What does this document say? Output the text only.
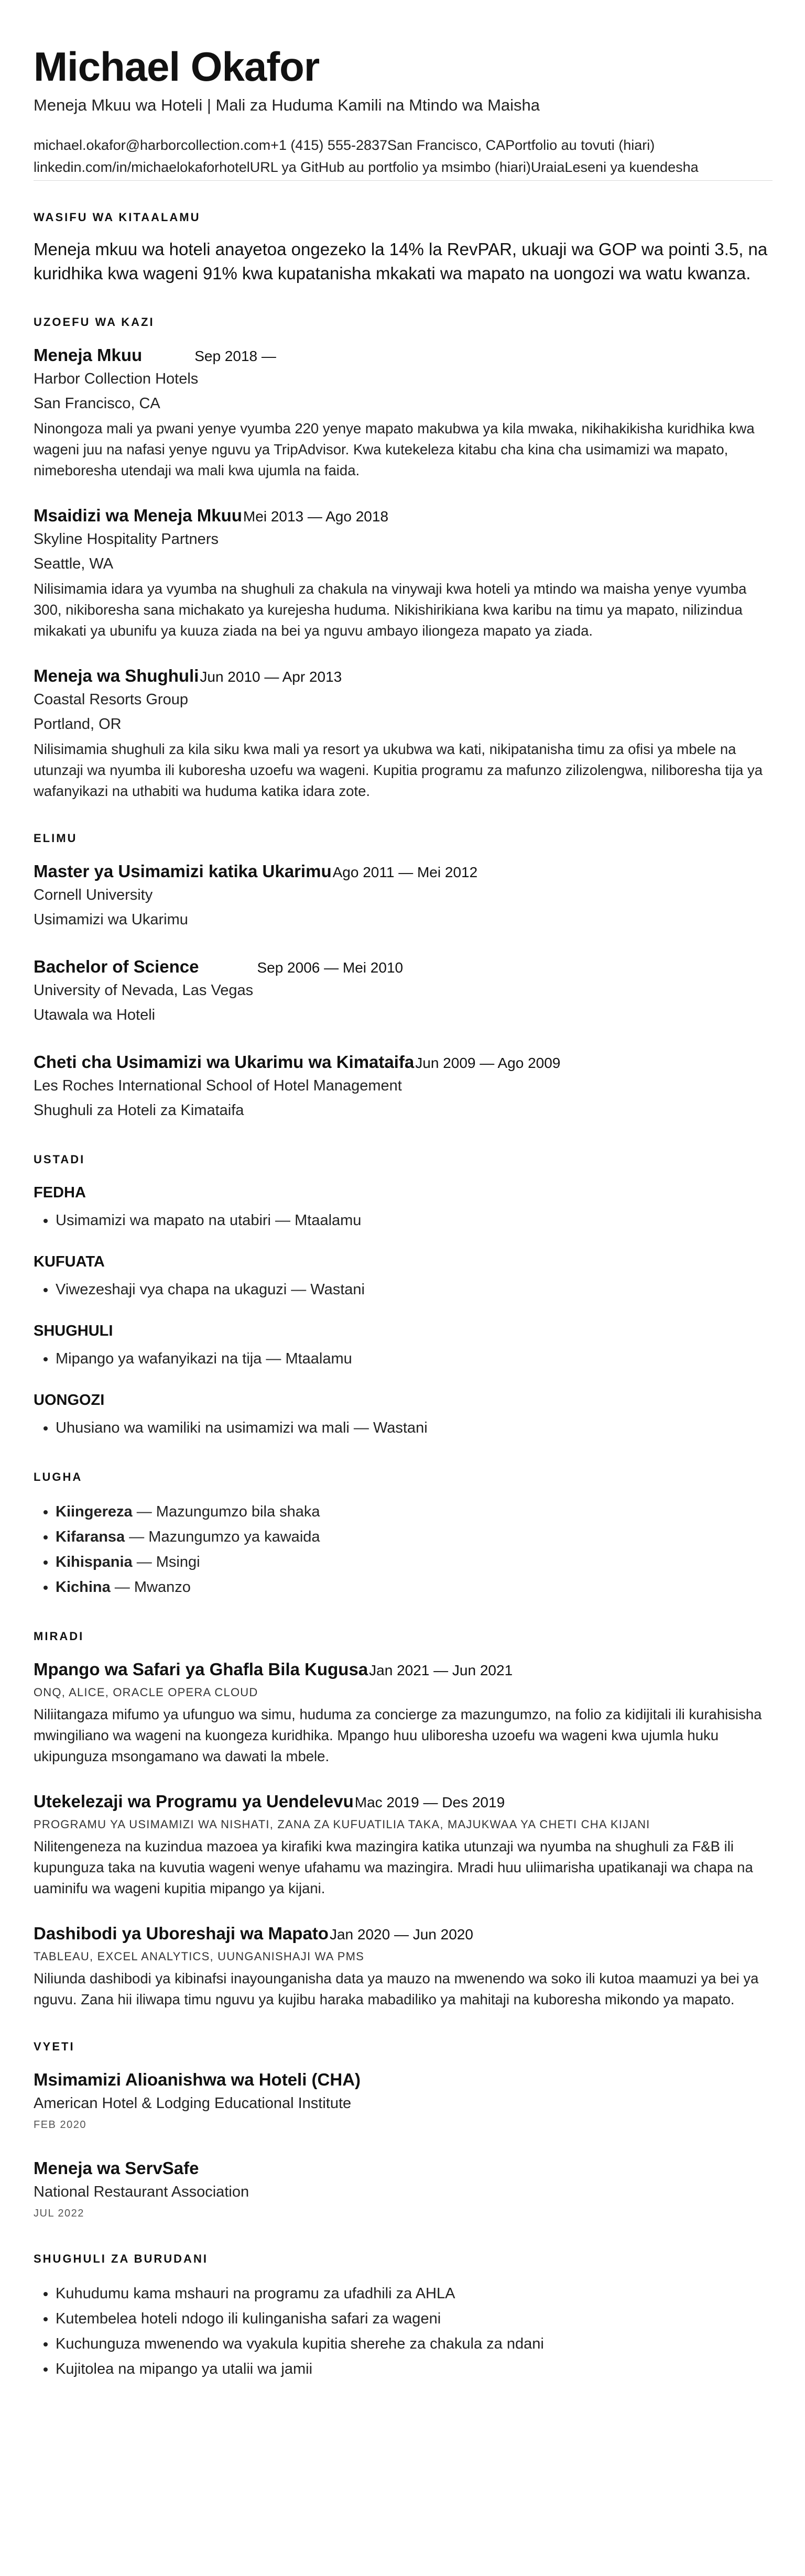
Michael Okafor
Meneja Mkuu wa Hoteli | Mali za Huduma Kamili na Mtindo wa Maisha
michael.okafor@harborcollection.com+1 (415) 555-2837San Francisco, CAPortfolio au tovuti (hiari)
linkedin.com/in/michaelokaforhotelURL ya GitHub au portfolio ya msimbo (hiari)UraiaLeseni ya kuendesha
WASIFU WA KITAALAMU
Meneja mkuu wa hoteli anayetoa ongezeko la 14% la RevPAR, ukuaji wa GOP wa pointi 3.5, na kuridhika kwa wageni 91% kwa kupatanisha mkakati wa mapato na uongozi wa watu kwanza.
UZOEFU WA KAZI
Meneja Mkuu	Sep 2018 —
Harbor Collection Hotels
San Francisco, CA
Ninongoza mali ya pwani yenye vyumba 220 yenye mapato makubwa ya kila mwaka, nikihakikisha kuridhika kwa wageni juu na nafasi yenye nguvu ya TripAdvisor. Kwa kutekeleza kitabu cha kina cha usimamizi wa mapato, nimeboresha utendaji wa mali kwa ujumla na faida.
Msaidizi wa Meneja Mkuu Mei 2013 — Ago 2018
Skyline Hospitality Partners
Seattle, WA
Nilisimamia idara ya vyumba na shughuli za chakula na vinywaji kwa hoteli ya mtindo wa maisha yenye vyumba 300, nikiboresha sana michakato ya kurejesha huduma. Nikishirikiana kwa karibu na timu ya mapato, nilizindua mikakati ya ubunifu ya kuuza ziada na bei ya nguvu ambayo iliongeza mapato ya ziada.
Meneja wa Shughuli Jun 2010 — Apr 2013
Coastal Resorts Group
Portland, OR
Nilisimamia shughuli za kila siku kwa mali ya resort ya ukubwa wa kati, nikipatanisha timu za ofisi ya mbele na utunzaji wa nyumba ili kuboresha uzoefu wa wageni. Kupitia programu za mafunzo zilizolengwa, niliboresha tija ya wafanyikazi na uthabiti wa huduma katika idara zote.
ELIMU
Master ya Usimamizi katika Ukarimu Ago 2011 — Mei 2012
Cornell University
Usimamizi wa Ukarimu
Bachelor of Science	Sep 2006 — Mei 2010
University of Nevada, Las Vegas
Utawala wa Hoteli
Cheti cha Usimamizi wa Ukarimu wa Kimataifa Jun 2009 — Ago 2009
Les Roches International School of Hotel Management
Shughuli za Hoteli za Kimataifa
USTADI
FEDHA
• Usimamizi wa mapato na utabiri — Mtaalamu
KUFUATA
• Viwezeshaji vya chapa na ukaguzi — Wastani
SHUGHULI
• Mipango ya wafanyikazi na tija — Mtaalamu
UONGOZI
• Uhusiano wa wamiliki na usimamizi wa mali — Wastani
LUGHA
• Kiingereza — Mazungumzo bila shaka
• Kifaransa — Mazungumzo ya kawaida
• Kihispania — Msingi
• Kichina — Mwanzo
MIRADI
Mpango wa Safari ya Ghafla Bila Kugusa Jan 2021 — Jun 2021
ONQ, ALICE, ORACLE OPERA CLOUD
Niliitangaza mifumo ya ufunguo wa simu, huduma za concierge za mazungumzo, na folio za kidijitali ili kurahisisha mwingiliano wa wageni na kuongeza kuridhika. Mpango huu uliboresha uzoefu wa wageni kwa ujumla huku ukipunguza msongamano wa dawati la mbele.
Utekelezaji wa Programu ya Uendelevu Mac 2019 — Des 2019
PROGRAMU YA USIMAMIZI WA NISHATI, ZANA ZA KUFUATILIA TAKA, MAJUKWAA YA CHETI CHA KIJANI
Nilitengeneza na kuzindua mazoea ya kirafiki kwa mazingira katika utunzaji wa nyumba na shughuli za F&B ili kupunguza taka na kuvutia wageni wenye ufahamu wa mazingira. Mradi huu uliimarisha upatikanaji wa chapa na uaminifu wa wageni kupitia mipango ya kijani.
Dashibodi ya Uboreshaji wa Mapato Jan 2020 — Jun 2020
TABLEAU, EXCEL ANALYTICS, UUNGANISHAJI WA PMS
Niliunda dashibodi ya kibinafsi inayounganisha data ya mauzo na mwenendo wa soko ili kutoa maamuzi ya bei ya nguvu. Zana hii iliwapa timu nguvu ya kujibu haraka mabadiliko ya mahitaji na kuboresha mikondo ya mapato.
VYETI
Msimamizi Alioanishwa wa Hoteli (CHA)
American Hotel & Lodging Educational Institute
FEB 2020
Meneja wa ServSafe
National Restaurant Association
JUL 2022
SHUGHULI ZA BURUDANI
• Kuhudumu kama mshauri na programu za ufadhili za AHLA
• Kutembelea hoteli ndogo ili kulinganisha safari za wageni
• Kuchunguza mwenendo wa vyakula kupitia sherehe za chakula za ndani
• Kujitolea na mipango ya utalii wa jamii
